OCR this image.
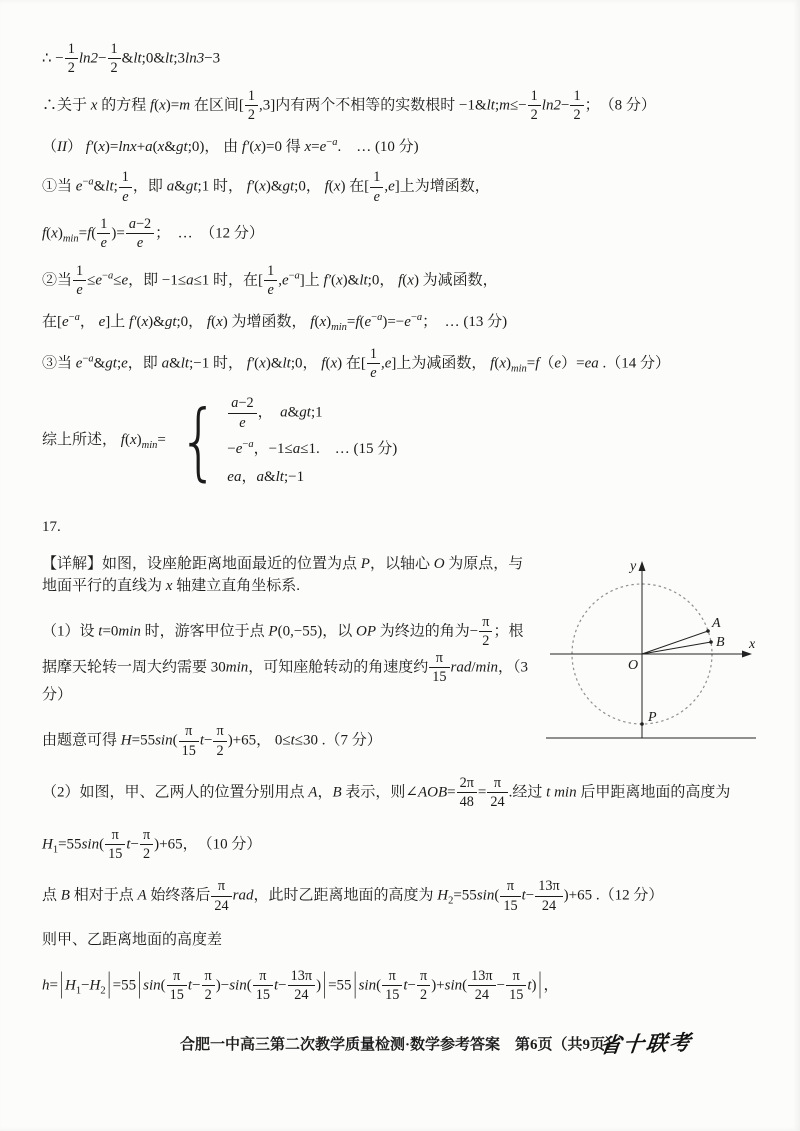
∴ − $\frac{1}{2} \ln 2- \frac{1}{2}$ &lt;0&lt;3ln3−3
∴关于 x 的方程 f(x)=m 在区间[ $\frac{1}{2} ,3$]内有两个不相等的实数根时 −1&lt;m≤− $\frac{1}{2} \ln 2- \frac{1}{2}$ ；　（8 分）
（II） f′(x)=lnx+a(x&gt;0)， 由 f′(x)=0 得 $x=e^{-a}$.　… (10 分)
①当 $e^{-a}\&lt$; $\frac{1}{e}$ ，即 a&gt;1 时， f′(x)&gt;0， f(x) 在[ $\frac{1}{e} ,e$]上为增函数，
$f(x)_{min}=f( \frac{1}{e}$ )= $\frac{a-2}{e}$ ；　…　（12 分）
②当 $\frac{1}{e} \le e^{-a}\le e$，即 −1≤a≤1 时，在[ $\frac{1}{e} ,e^{-a}$]上 f′(x)&lt;0， f(x) 为减函数，
在[$e^{-a}$， e]上 f′(x)&gt;0， f(x) 为增函数， $f(x)_{min}=f(e^{-a})=-e^{-a}$；　… (13 分)
③当 $e^{-a}\&gt;e$，即 a&lt;−1 时， f′(x)&lt;0， f(x) 在[ $\frac{1}{e} ,e$]上为减函数， $f(x)_{min}=f(e)=ea$ .（14 分）
综上所述， $f(x)_{min}=$ { $\frac{a-2}{e}$ ，　a&gt;1
$-e^{-a}$，−1≤a≤1.　… (15 分)
ea，a&lt;−1
17.
y
x
O
A
B
P
【详解】如图，设座舱距离地面最近的位置为点 P，以轴心 O 为原点，与地面平行的直线为 x 轴建立直角坐标系.
（1）设 t=0min 时，游客甲位于点 P(0,−55)，以 OP 为终边的角为− $\frac{\pi}{2}$ ；根据摩天轮转一周大约需要 30min，可知座舱转动的角速度约 $\frac{\pi}{15} rad/\min$，（3 分）
由题意可得 $H=55\sin( \frac{\pi}{15} t- \frac{\pi}{2} )+65$， 0≤t≤30 .（7 分）
（2）如图，甲、乙两人的位置分别用点 A，B 表示，则∠AOB= $\frac{2\pi}{48} = \frac{\pi}{24}$ .经过 t min 后甲距离地面的高度为
$H_1=55\sin( \frac{\pi}{15} t- \frac{\pi}{2} )+65$，　（10 分）
点 B 相对于点 A 始终落后 $\frac{\pi}{24}$ rad，此时乙距离地面的高度为 $H_2=55\sin( \frac{\pi}{15} t- \frac{13\pi}{24} )+65$ .（12 分）
则甲、乙距离地面的高度差
h= | $H_1-H_2$ | =55 | $\sin( \frac{\pi}{15} t- \frac{\pi}{2} )-\sin( \frac{\pi}{15} t- \frac{13\pi}{24}$ ) | =55 | $\sin( \frac{\pi}{15} t- \frac{\pi}{2} )+\sin( \frac{13\pi}{24} - \frac{\pi}{15} t)$ | ，
合肥一中高三第二次教学质量检测·数学参考答案　第6页（共9页）
省十联考
